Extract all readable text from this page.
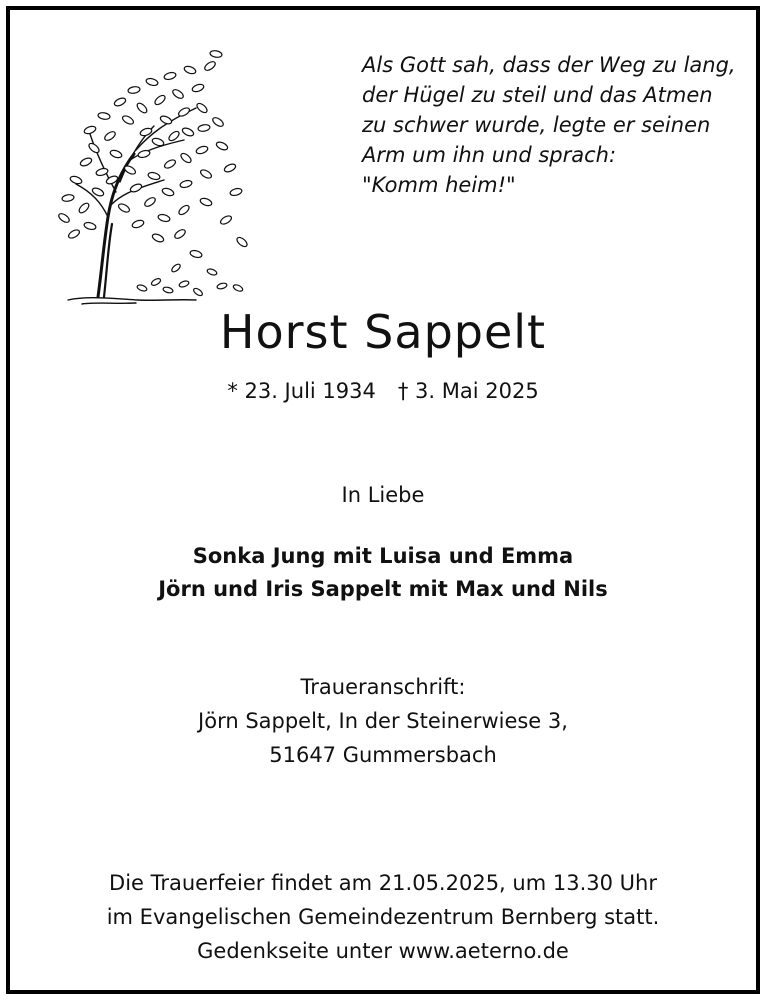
Als Gott sah, dass der Weg zu lang,
der Hügel zu steil und das Atmen
zu schwer wurde, legte er seinen
Arm um ihn und sprach:
"Komm heim!"
Horst Sappelt
* 23. Juli 1934 † 3. Mai 2025
In Liebe
Sonka Jung mit Luisa und Emma
Jörn und Iris Sappelt mit Max und Nils
Traueranschrift:
Jörn Sappelt, In der Steinerwiese 3,
51647 Gummersbach
Die Trauerfeier findet am 21.05.2025, um 13.30 Uhr
im Evangelischen Gemeindezentrum Bernberg statt.
Gedenkseite unter www.aeterno.de
